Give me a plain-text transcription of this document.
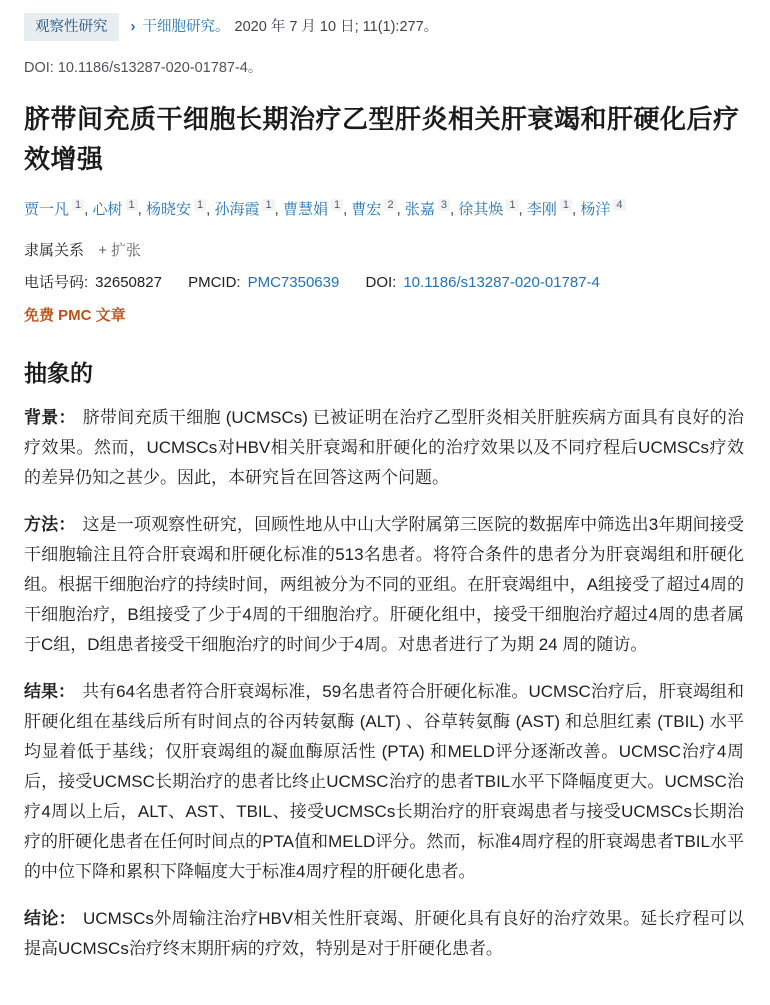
观察性研究	› 干细胞研究。 2020 年 7 月 10 日; 11(1):277。
DOI: 10.1186/s13287-020-01787-4。
脐带间充质干细胞长期治疗乙型肝炎相关肝衰竭和肝硬化后疗效增强
贾一凡 $^1$ , 心树 $^1$ , 杨晓安 $^1$ , 孙海霞 $^1$ , 曹慧娟 $^1$ , 曹宏 $^2$ , 张嘉 $^3$ , 徐其焕 $^1$ , 李刚 $^1$ , 杨洋 $^4$
隶属关系 + 扩张
电话号码: 32650827 PMCID: PMC7350639 DOI: 10.1186/s13287-020-01787-4
免费 PMC 文章
抽象的

背景： 脐带间充质干细胞 (UCMSCs) 已被证明在治疗乙型肝炎相关肝脏疾病方面具有良好的治疗效果。然而，UCMSCs对HBV相关肝衰竭和肝硬化的治疗效果以及不同疗程后UCMSCs疗效的差异仍知之甚少。因此，本研究旨在回答这两个问题。

方法： 这是一项观察性研究，回顾性地从中山大学附属第三医院的数据库中筛选出3年期间接受干细胞输注且符合肝衰竭和肝硬化标准的513名患者。将符合条件的患者分为肝衰竭组和肝硬化组。根据干细胞治疗的持续时间，两组被分为不同的亚组。在肝衰竭组中，A组接受了超过4周的干细胞治疗，B组接受了少于4周的干细胞治疗。肝硬化组中，接受干细胞治疗超过4周的患者属于C组，D组患者接受干细胞治疗的时间少于4周。对患者进行了为期 24 周的随访。

结果： 共有64名患者符合肝衰竭标准，59名患者符合肝硬化标准。UCMSC治疗后，肝衰竭组和肝硬化组在基线后所有时间点的谷丙转氨酶 (ALT) 、谷草转氨酶 (AST) 和总胆红素 (TBIL) 水平均显着低于基线；仅肝衰竭组的凝血酶原活性 (PTA) 和MELD评分逐渐改善。UCMSC治疗4周后，接受UCMSC长期治疗的患者比终止UCMSC治疗的患者TBIL水平下降幅度更大。UCMSC治疗4周以上后，ALT、AST、TBIL、接受UCMSCs长期治疗的肝衰竭患者与接受UCMSCs长期治疗的肝硬化患者在任何时间点的PTA值和MELD评分。然而，标准4周疗程的肝衰竭患者TBIL水平的中位下降和累积下降幅度大于标准4周疗程的肝硬化患者。

结论： UCMSCs外周输注治疗HBV相关性肝衰竭、肝硬化具有良好的治疗效果。延长疗程可以提高UCMSCs治疗终末期肝病的疗效，特别是对于肝硬化患者。
